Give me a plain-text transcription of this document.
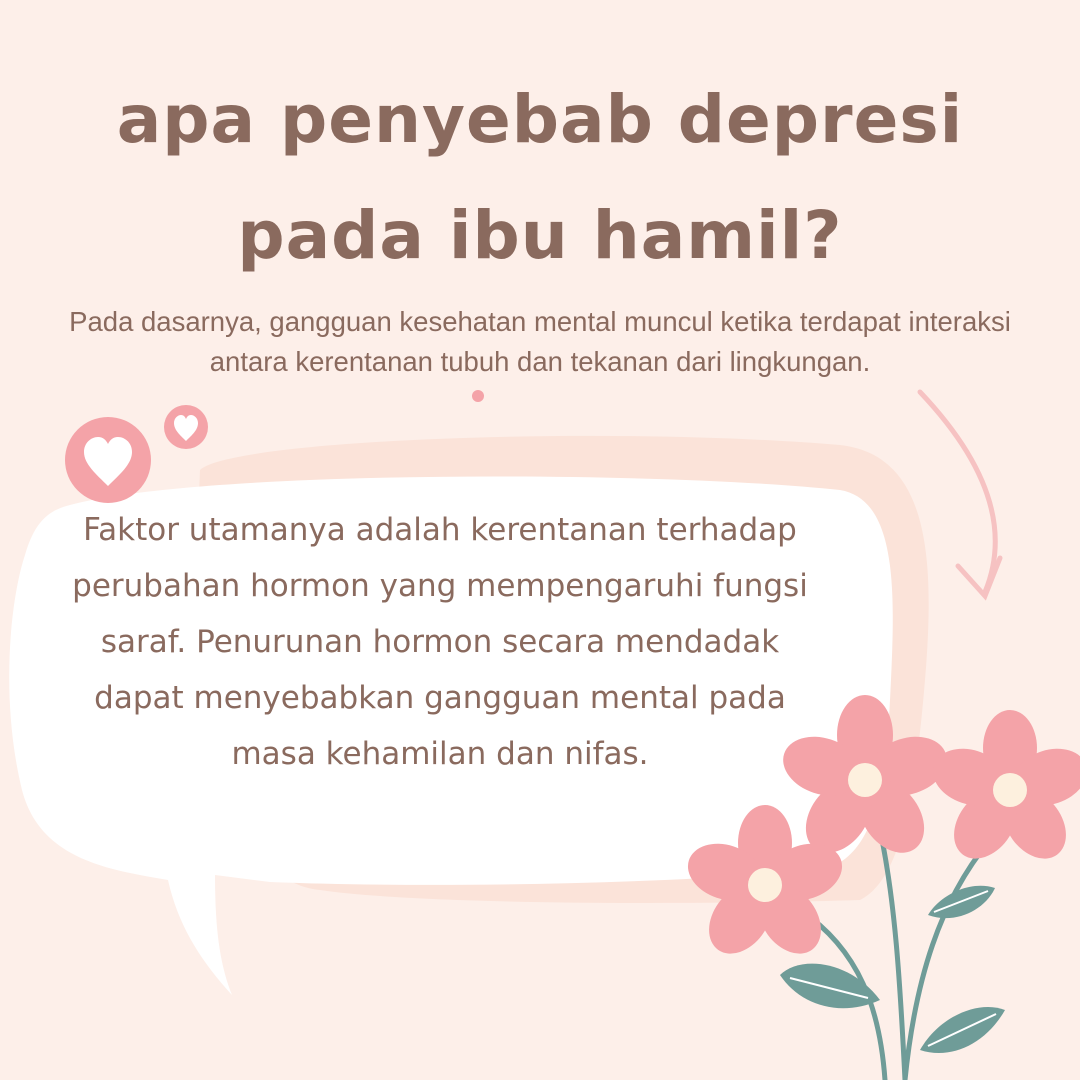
apa penyebab depresi
pada ibu hamil?
Pada dasarnya, gangguan kesehatan mental muncul ketika terdapat interaksi antara kerentanan tubuh dan tekanan dari lingkungan.
Faktor utamanya adalah kerentanan terhadap perubahan hormon yang mempengaruhi fungsi saraf. Penurunan hormon secara mendadak dapat menyebabkan gangguan mental pada masa kehamilan dan nifas.
